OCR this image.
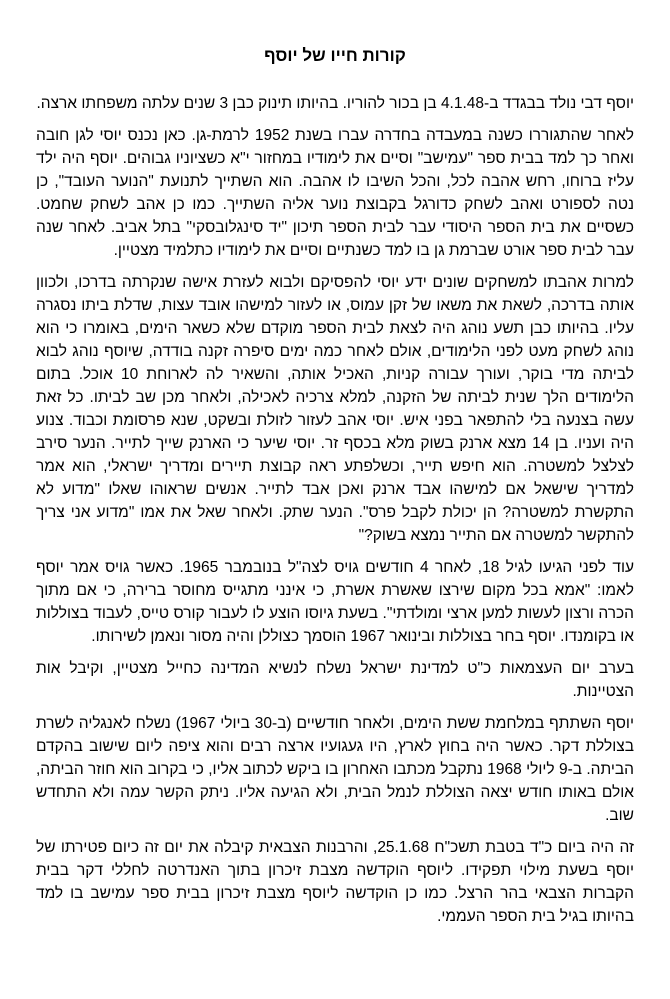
קורות חייו של יוסף

יוסף דבי נולד בבגדד ב-4.1.48 בן בכור להוריו. בהיותו תינוק כבן 3 שנים עלתה משפחתו ארצה.

לאחר שהתגוררו כשנה במעבדה בחדרה עברו בשנת 1952 לרמת-גן. כאן נכנס יוסי לגן חובה ואחר כך למד בבית ספר "עמישב" וסיים את לימודיו במחזור י"א כשציוניו גבוהים. יוסף היה ילד עליז ברוחו, רחש אהבה לכל, והכל השיבו לו אהבה. הוא השתייך לתנועת "הנוער העובד", כן נטה לספורט ואהב לשחק כדורגל בקבוצת נוער אליה השתייך. כמו כן אהב לשחק שחמט. כשסיים את בית הספר היסודי עבר לבית הספר תיכון "יד סינגלובסקי" בתל אביב. לאחר שנה עבר לבית ספר אורט שברמת גן בו למד כשנתיים וסיים את לימודיו כתלמיד מצטיין.

למרות אהבתו למשחקים שונים ידע יוסי להפסיקם ולבוא לעזרת אישה שנקרתה בדרכו, ולכוון אותה בדרכה, לשאת את משאו של זקן עמוס, או לעזור למישהו אובד עצות, שדלת ביתו נסגרה עליו. בהיותו כבן תשע נוהג היה לצאת לבית הספר מוקדם שלא כשאר הימים, באומרו כי הוא נוהג לשחק מעט לפני הלימודים, אולם לאחר כמה ימים סיפרה זקנה בודדה, שיוסף נוהג לבוא לביתה מדי בוקר, ועורך עבורה קניות, האכיל אותה, והשאיר לה לארוחת 10 אוכל. בתום הלימודים הלך שנית לביתה של הזקנה, למלא צרכיה לאכילה, ולאחר מכן שב לביתו. כל זאת עשה בצנעה בלי להתפאר בפני איש. יוסי אהב לעזור לזולת ובשקט, שנא פרסומת וכבוד. צנוע היה ועניו. בן 14 מצא ארנק בשוק מלא בכסף זר. יוסי שיער כי הארנק שייך לתייר. הנער סירב לצלצל למשטרה. הוא חיפש תייר, וכשלפתע ראה קבוצת תיירים ומדריך ישראלי, הוא אמר למדריך שישאל אם למישהו אבד ארנק ואכן אבד לתייר. אנשים שראוהו שאלו "מדוע לא התקשרת למשטרה? הן יכולת לקבל פרס". הנער שתק. ולאחר שאל את אמו "מדוע אני צריך להתקשר למשטרה אם התייר נמצא בשוק?"

עוד לפני הגיעו לגיל 18, לאחר 4 חודשים גויס לצה"ל בנובמבר 1965. כאשר גויס אמר יוסף לאמו: "אמא בכל מקום שירצו שאשרת אשרת, כי אינני מתגייס מחוסר ברירה, כי אם מתוך הכרה ורצון לעשות למען ארצי ומולדתי". בשעת גיוסו הוצע לו לעבור קורס טייס, לעבוד בצוללות או בקומנדו. יוסף בחר בצוללות ובינואר 1967 הוסמך כצוללן והיה מסור ונאמן לשירותו.

בערב יום העצמאות כ"ט למדינת ישראל נשלח לנשיא המדינה כחייל מצטיין, וקיבל אות הצטיינות.

יוסף השתתף במלחמת ששת הימים, ולאחר חודשיים (ב-30 ביולי 1967) נשלח לאנגליה לשרת בצוללת דקר. כאשר היה בחוץ לארץ, היו געגועיו ארצה רבים והוא ציפה ליום שישוב בהקדם הביתה. ב-9 ליולי 1968 נתקבל מכתבו האחרון בו ביקש לכתוב אליו, כי בקרוב הוא חוזר הביתה, אולם באותו חודש יצאה הצוללת לנמל הבית, ולא הגיעה אליו. ניתק הקשר עמה ולא התחדש שוב.

זה היה ביום כ"ד בטבת תשכ"ח 25.1.68, והרבנות הצבאית קיבלה את יום זה כיום פטירתו של יוסף בשעת מילוי תפקידו. ליוסף הוקדשה מצבת זיכרון בתוך האנדרטה לחללי דקר בבית הקברות הצבאי בהר הרצל. כמו כן הוקדשה ליוסף מצבת זיכרון בבית ספר עמישב בו למד בהיותו בגיל בית הספר העממי.
